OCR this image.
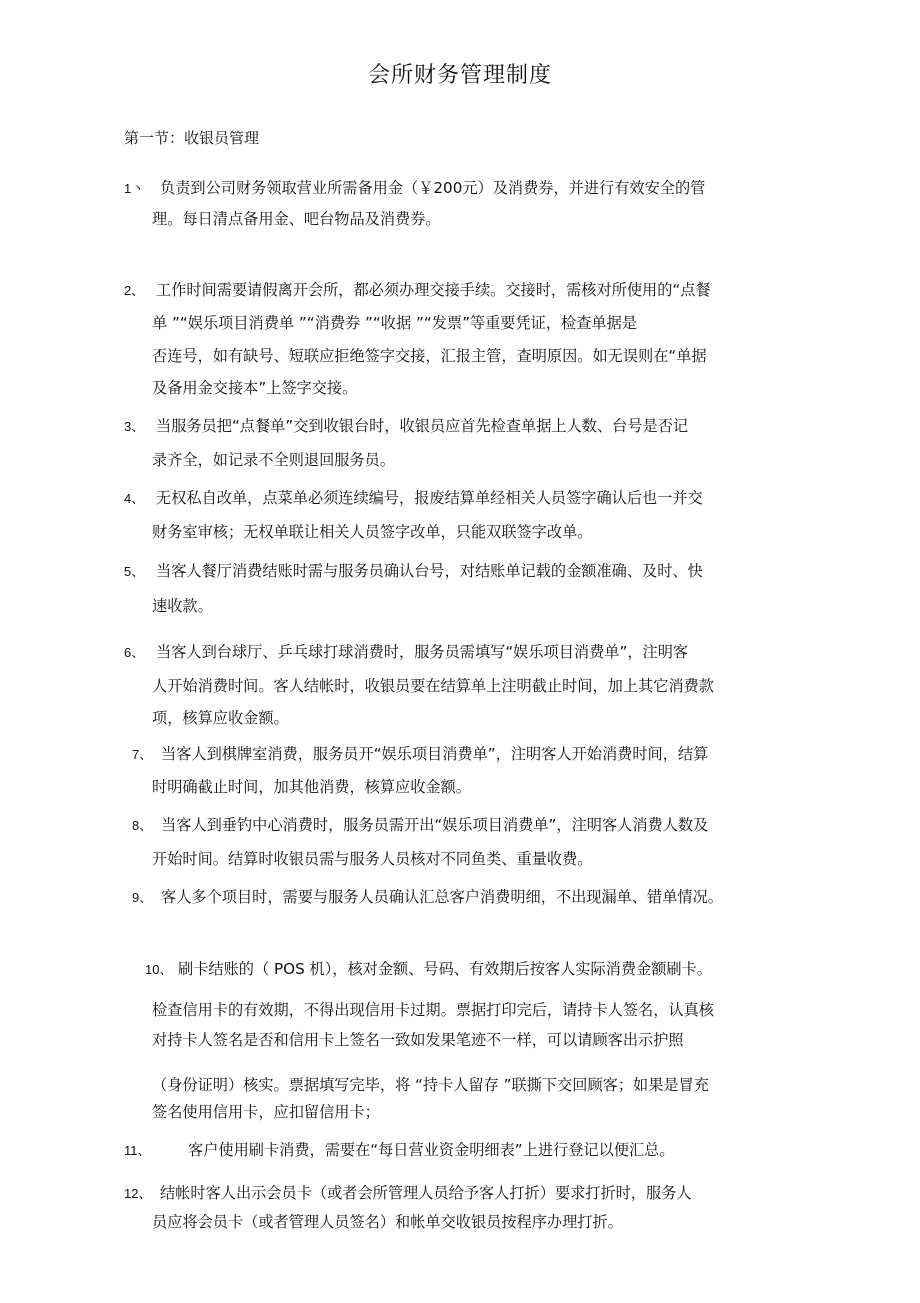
会所财务管理制度
第一节：收银员管理
1丶 负责到公司财务领取营业所需备用金（￥200元）及消费券，并进行有效安全的管
理。每日清点备用金、吧台物品及消费券。
2、 工作时间需要请假离开会所，都必须办理交接手续。交接时，需核对所使用的“点餐
单 ”“娱乐项目消费单 ”“消费券 ”“收据 ”“发票”等重要凭证，检查单据是
否连号，如有缺号、短联应拒绝签字交接，汇报主管，查明原因。如无误则在“单据
及备用金交接本”上签字交接。
3、 当服务员把“点餐单”交到收银台时，收银员应首先检查单据上人数、台号是否记
录齐全，如记录不全则退回服务员。
4、 无权私自改单，点菜单必须连续编号，报废结算单经相关人员签字确认后也一并交
财务室审核；无权单联让相关人员签字改单，只能双联签字改单。
5、 当客人餐厅消费结账时需与服务员确认台号，对结账单记载的金额准确、及时、快
速收款。
6、 当客人到台球厅、乒乓球打球消费时，服务员需填写“娱乐项目消费单”，注明客
人开始消费时间。客人结帐时，收银员要在结算单上注明截止时间，加上其它消费款
项，核算应收金额。
7、 当客人到棋牌室消费，服务员开“娱乐项目消费单”，注明客人开始消费时间，结算
时明确截止时间，加其他消费，核算应收金额。
8、 当客人到垂钓中心消费时，服务员需开出“娱乐项目消费单”，注明客人消费人数及
开始时间。结算时收银员需与服务人员核对不同鱼类、重量收费。
9、 客人多个项目时，需要与服务人员确认汇总客户消费明细，不出现漏单、错单情况。
10、 刷卡结账的（ POS 机），核对金额、号码、有效期后按客人实际消费金额刷卡。
检查信用卡的有效期，不得出现信用卡过期。票据打印完后，请持卡人签名，认真核
对持卡人签名是否和信用卡上签名一致如发果笔迹不一样，可以请顾客出示护照
（身份证明）核实。票据填写完毕，将 “持卡人留存 ”联撕下交回顾客；如果是冒充
签名使用信用卡，应扣留信用卡；
11、 客户使用刷卡消费，需要在“每日营业资金明细表”上进行登记以便汇总。
12、 结帐时客人出示会员卡（或者会所管理人员给予客人打折）要求打折时，服务人
员应将会员卡（或者管理人员签名）和帐单交收银员按程序办理打折。
